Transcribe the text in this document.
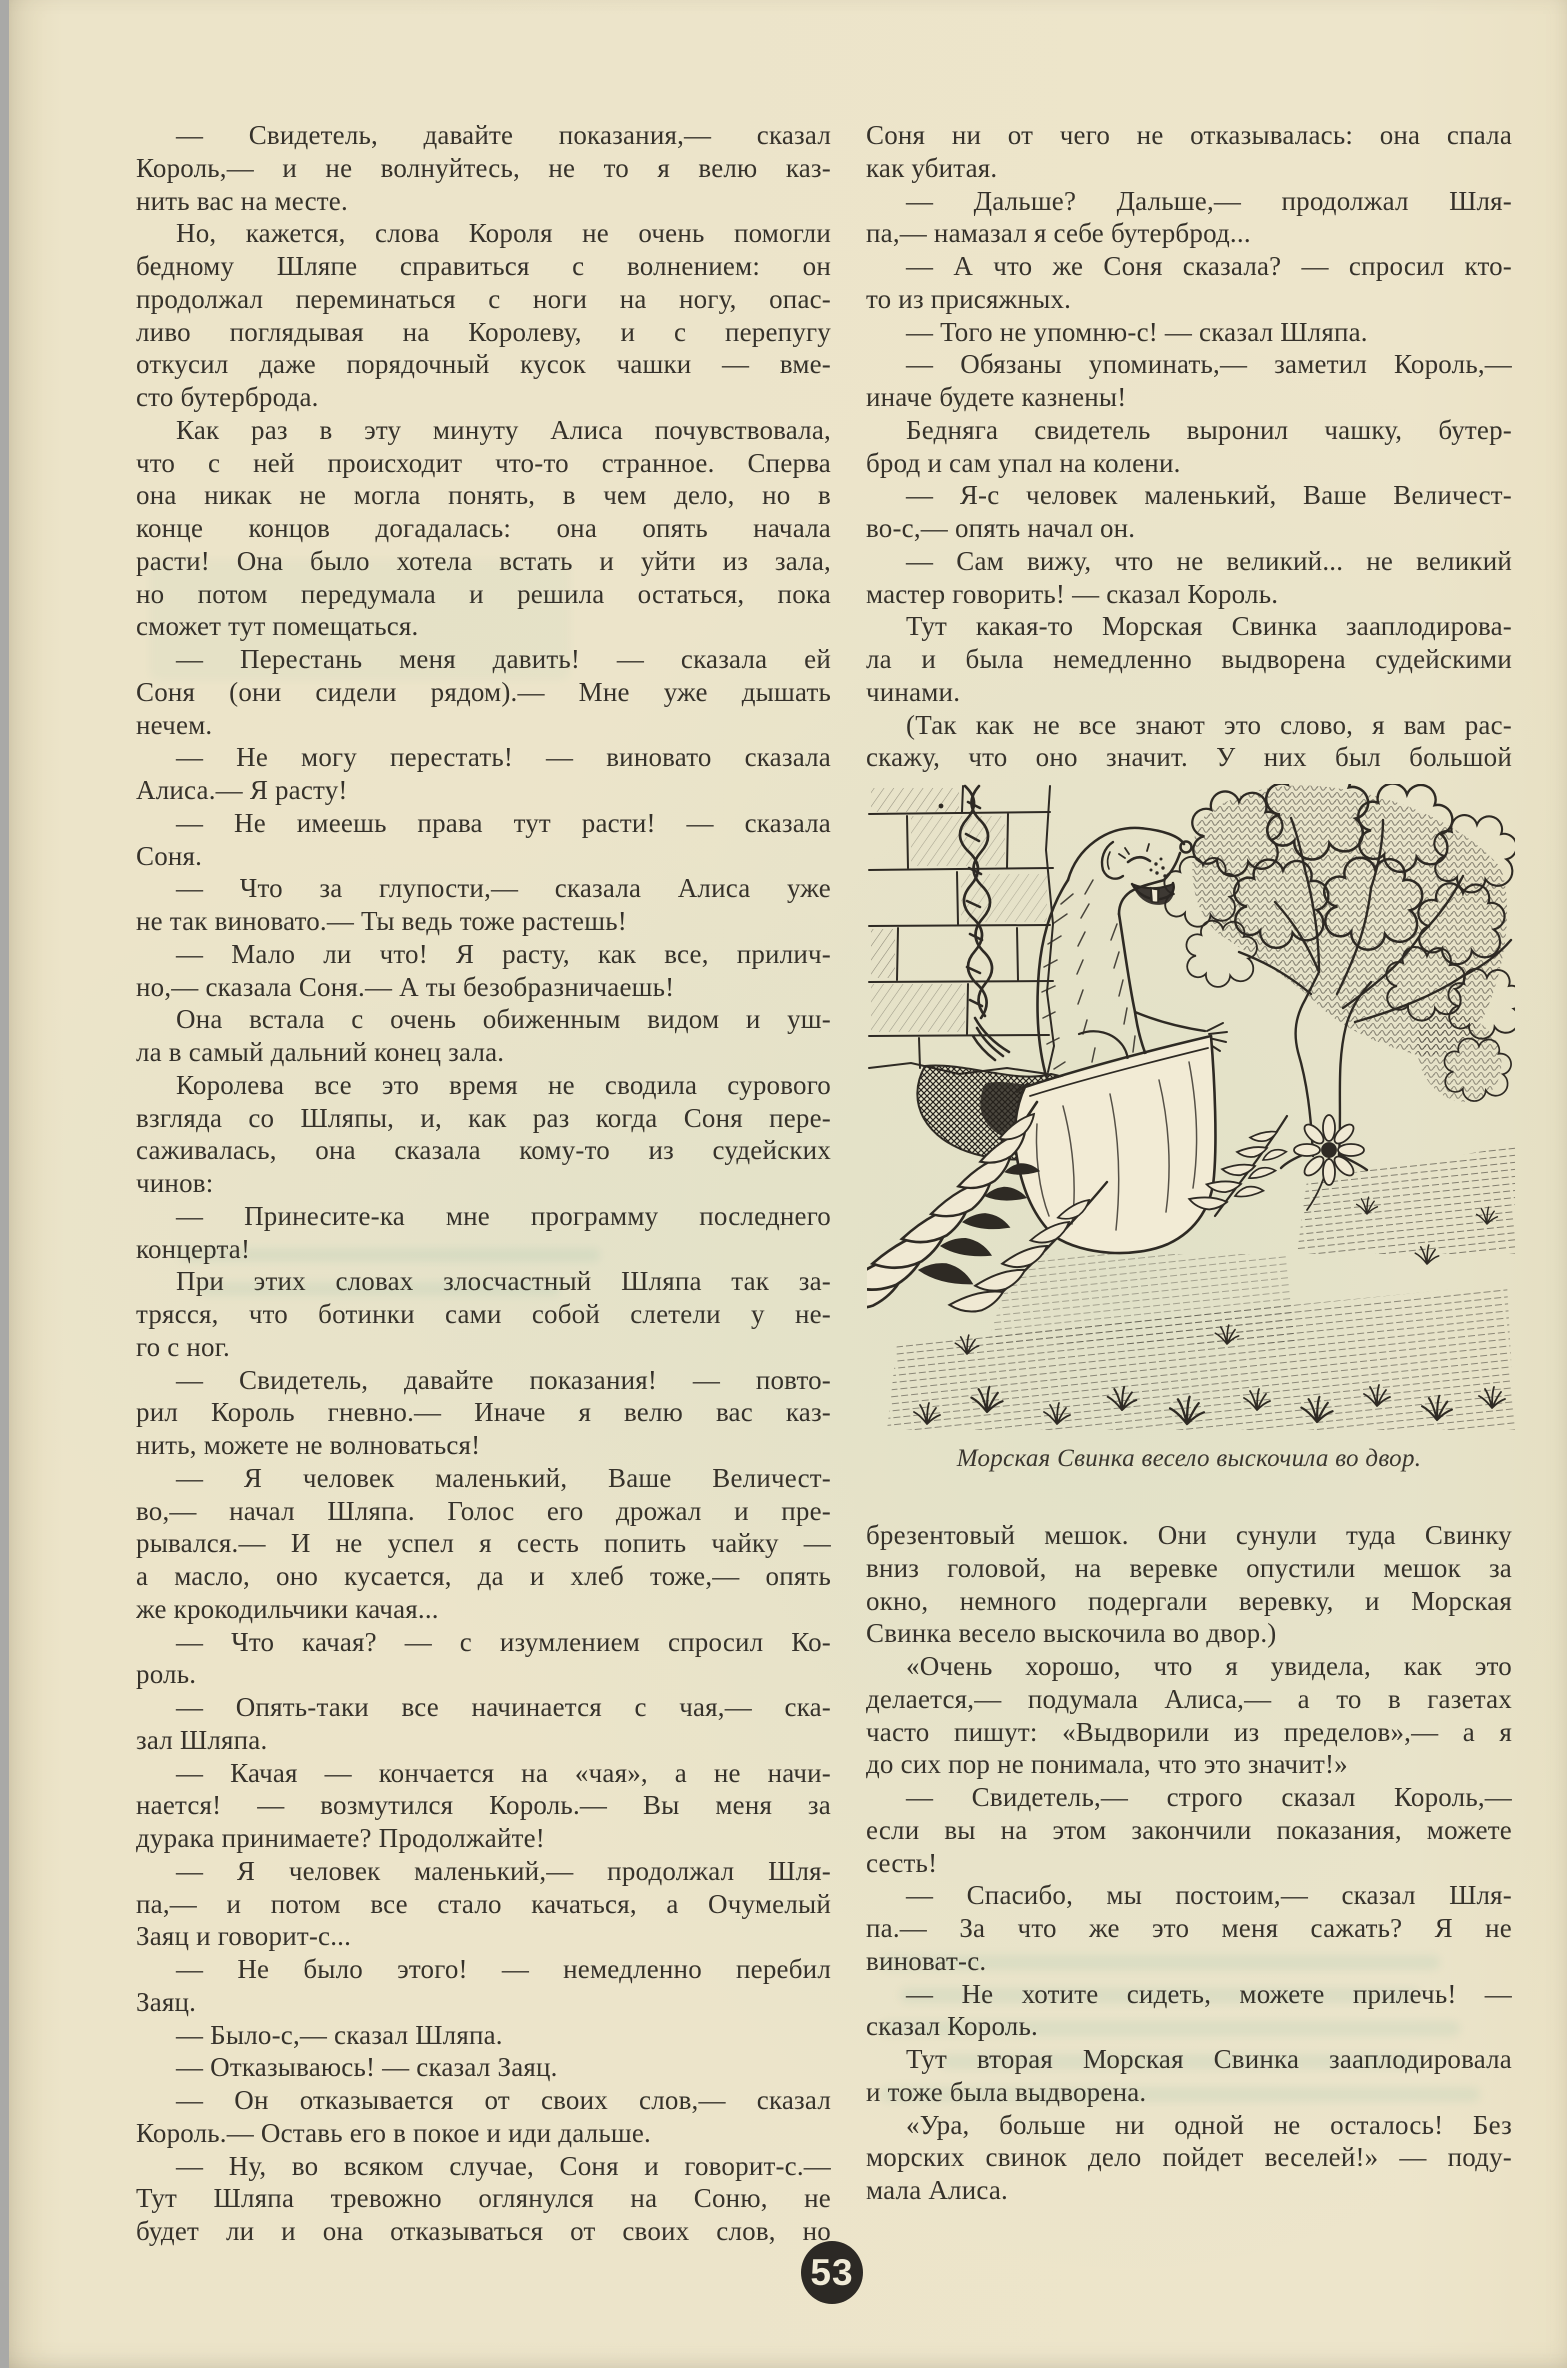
— Свидетель, давайте показания,— сказал
Король,— и не волнуйтесь, не то я велю каз-
нить вас на месте.
Но, кажется, слова Короля не очень помогли
бедному Шляпе справиться с волнением: он
продолжал переминаться с ноги на ногу, опас-
ливо поглядывая на Королеву, и с перепугу
откусил даже порядочный кусок чашки — вме-
сто бутерброда.
Как раз в эту минуту Алиса почувствовала,
что с ней происходит что-то странное. Сперва
она никак не могла понять, в чем дело, но в
конце концов догадалась: она опять начала
расти! Она было хотела встать и уйти из зала,
но потом передумала и решила остаться, пока
сможет тут помещаться.
— Перестань меня давить! — сказала ей
Соня (они сидели рядом).— Мне уже дышать
нечем.
— Не могу перестать! — виновато сказала
Алиса.— Я расту!
— Не имеешь права тут расти! — сказала
Соня.
— Что за глупости,— сказала Алиса уже
не так виновато.— Ты ведь тоже растешь!
— Мало ли что! Я расту, как все, прилич-
но,— сказала Соня.— А ты безобразничаешь!
Она встала с очень обиженным видом и уш-
ла в самый дальний конец зала.
Королева все это время не сводила сурового
взгляда со Шляпы, и, как раз когда Соня пере-
саживалась, она сказала кому-то из судейских
чинов:
— Принесите-ка мне программу последнего
концерта!
При этих словах злосчастный Шляпа так за-
трясся, что ботинки сами собой слетели у не-
го с ног.
— Свидетель, давайте показания! — повто-
рил Король гневно.— Иначе я велю вас каз-
нить, можете не волноваться!
— Я человек маленький, Ваше Величест-
во,— начал Шляпа. Голос его дрожал и пре-
рывался.— И не успел я сесть попить чайку —
а масло, оно кусается, да и хлеб тоже,— опять
же крокодильчики качая...
— Что качая? — с изумлением спросил Ко-
роль.
— Опять-таки все начинается с чая,— ска-
зал Шляпа.
— Качая — кончается на «чая», а не начи-
нается! — возмутился Король.— Вы меня за
дурака принимаете? Продолжайте!
— Я человек маленький,— продолжал Шля-
па,— и потом все стало качаться, а Очумелый
Заяц и говорит-с...
— Не было этого! — немедленно перебил
Заяц.
— Было-с,— сказал Шляпа.
— Отказываюсь! — сказал Заяц.
— Он отказывается от своих слов,— сказал
Король.— Оставь его в покое и иди дальше.
— Ну, во всяком случае, Соня и говорит-с.—
Тут Шляпа тревожно оглянулся на Соню, не
будет ли и она отказываться от своих слов, но
Соня ни от чего не отказывалась: она спала
как убитая.
— Дальше? Дальше,— продолжал Шля-
па,— намазал я себе бутерброд...
— А что же Соня сказала? — спросил кто-
то из присяжных.
— Того не упомню-с! — сказал Шляпа.
— Обязаны упоминать,— заметил Король,—
иначе будете казнены!
Бедняга свидетель выронил чашку, бутер-
брод и сам упал на колени.
— Я-с человек маленький, Ваше Величест-
во-с,— опять начал он.
— Сам вижу, что не великий... не великий
мастер говорить! — сказал Король.
Тут какая-то Морская Свинка зааплодирова-
ла и была немедленно выдворена судейскими
чинами.
(Так как не все знают это слово, я вам рас-
скажу, что оно значит. У них был большой
брезентовый мешок. Они сунули туда Свинку
вниз головой, на веревке опустили мешок за
окно, немного подергали веревку, и Морская
Свинка весело выскочила во двор.)
«Очень хорошо, что я увидела, как это
делается,— подумала Алиса,— а то в газетах
часто пишут: «Выдворили из пределов»,— а я
до сих пор не понимала, что это значит!»
— Свидетель,— строго сказал Король,—
если вы на этом закончили показания, можете
сесть!
— Спасибо, мы постоим,— сказал Шля-
па.— За что же это меня сажать? Я не
виноват-с.
— Не хотите сидеть, можете прилечь! —
сказал Король.
Тут вторая Морская Свинка зааплодировала
и тоже была выдворена.
«Ура, больше ни одной не осталось! Без
морских свинок дело пойдет веселей!» — поду-
мала Алиса.
Морская Свинка весело выскочила во двор.
53
